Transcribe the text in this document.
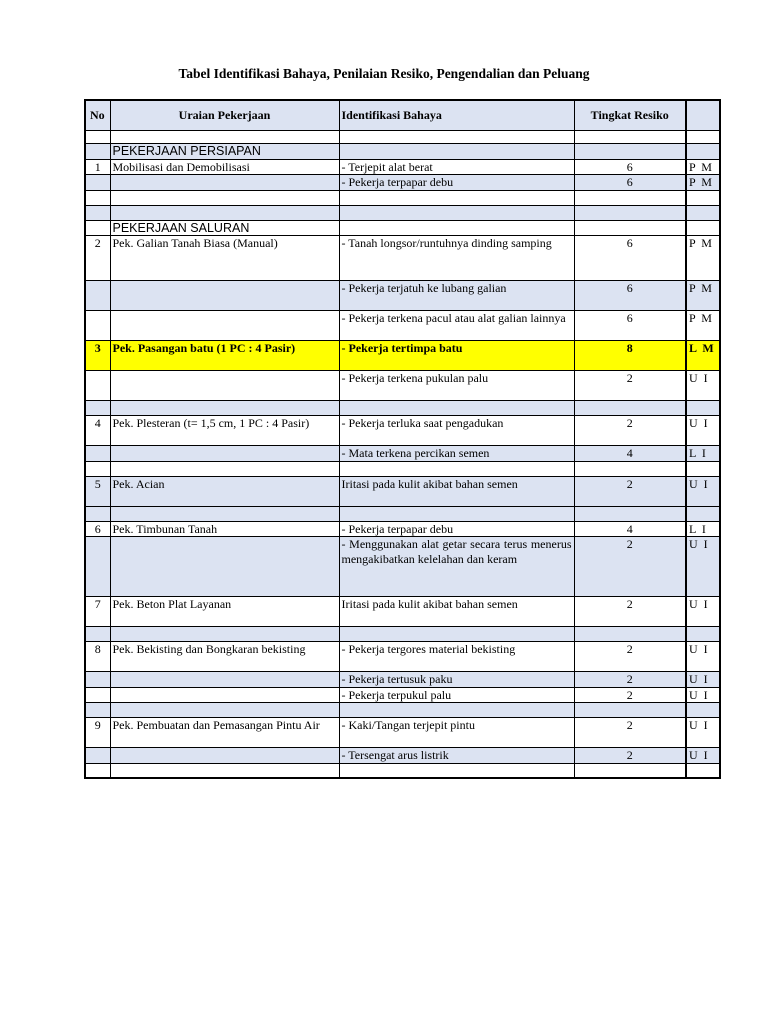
Tabel Identifikasi Bahaya, Penilaian Resiko, Pengendalian dan Peluang
No	Uraian Pekerjaan	Identifikasi Bahaya	Tingkat Resiko	

	PEKERJAAN PERSIAPAN			
1	Mobilisasi dan Demobilisasi	- Terjepit alat berat	6	P M
		- Pekerja terpapar debu	6	P M

	PEKERJAAN SALURAN			
2	Pek. Galian Tanah Biasa (Manual)	- Tanah longsor/runtuhnya dinding samping	6	P M
		- Pekerja terjatuh ke lubang galian	6	P M
		- Pekerja terkena pacul atau alat galian lainnya	6	P M
3	Pek. Pasangan batu (1 PC : 4 Pasir)	- Pekerja tertimpa batu	8	L M
		- Pekerja terkena pukulan palu	2	U I

4	Pek. Plesteran (t= 1,5 cm, 1 PC : 4 Pasir)	- Pekerja terluka saat pengadukan	2	U I
		- Mata terkena percikan semen	4	L I

5	Pek. Acian	Iritasi pada kulit akibat bahan semen	2	U I

6	Pek. Timbunan Tanah	- Pekerja terpapar debu	4	L I
		- Menggunakan alat getar secara terus menerus mengakibatkan kelelahan dan keram	2	U I
7	Pek. Beton Plat Layanan	Iritasi pada kulit akibat bahan semen	2	U I

8	Pek. Bekisting dan Bongkaran bekisting	- Pekerja tergores material bekisting	2	U I
		- Pekerja tertusuk paku	2	U I
		- Pekerja terpukul palu	2	U I

9	Pek. Pembuatan dan Pemasangan Pintu Air	- Kaki/Tangan terjepit pintu	2	U I
		- Tersengat arus listrik	2	U I
